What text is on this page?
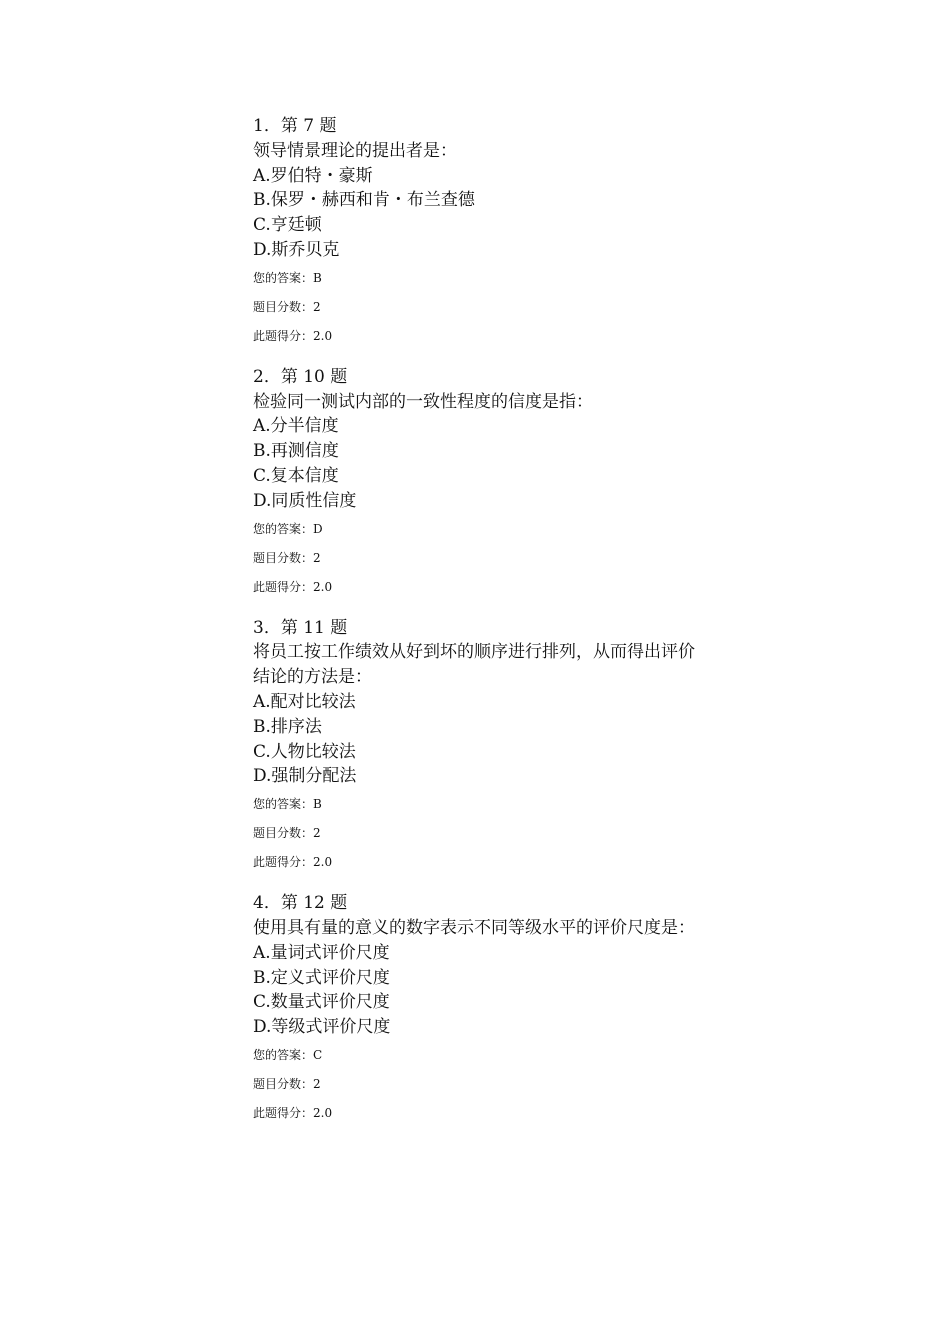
1．第 7 题
领导情景理论的提出者是：
A.罗伯特・豪斯
B.保罗・赫西和肯・布兰查德
C.亨廷顿
D.斯乔贝克
您的答案：B
题目分数：2
此题得分：2.0
2．第 10 题
检验同一测试内部的一致性程度的信度是指：
A.分半信度
B.再测信度
C.复本信度
D.同质性信度
您的答案：D
题目分数：2
此题得分：2.0
3．第 11 题
将员工按工作绩效从好到坏的顺序进行排列，从而得出评价结论的方法是：
A.配对比较法
B.排序法
C.人物比较法
D.强制分配法
您的答案：B
题目分数：2
此题得分：2.0
4．第 12 题
使用具有量的意义的数字表示不同等级水平的评价尺度是：
A.量词式评价尺度
B.定义式评价尺度
C.数量式评价尺度
D.等级式评价尺度
您的答案：C
题目分数：2
此题得分：2.0
